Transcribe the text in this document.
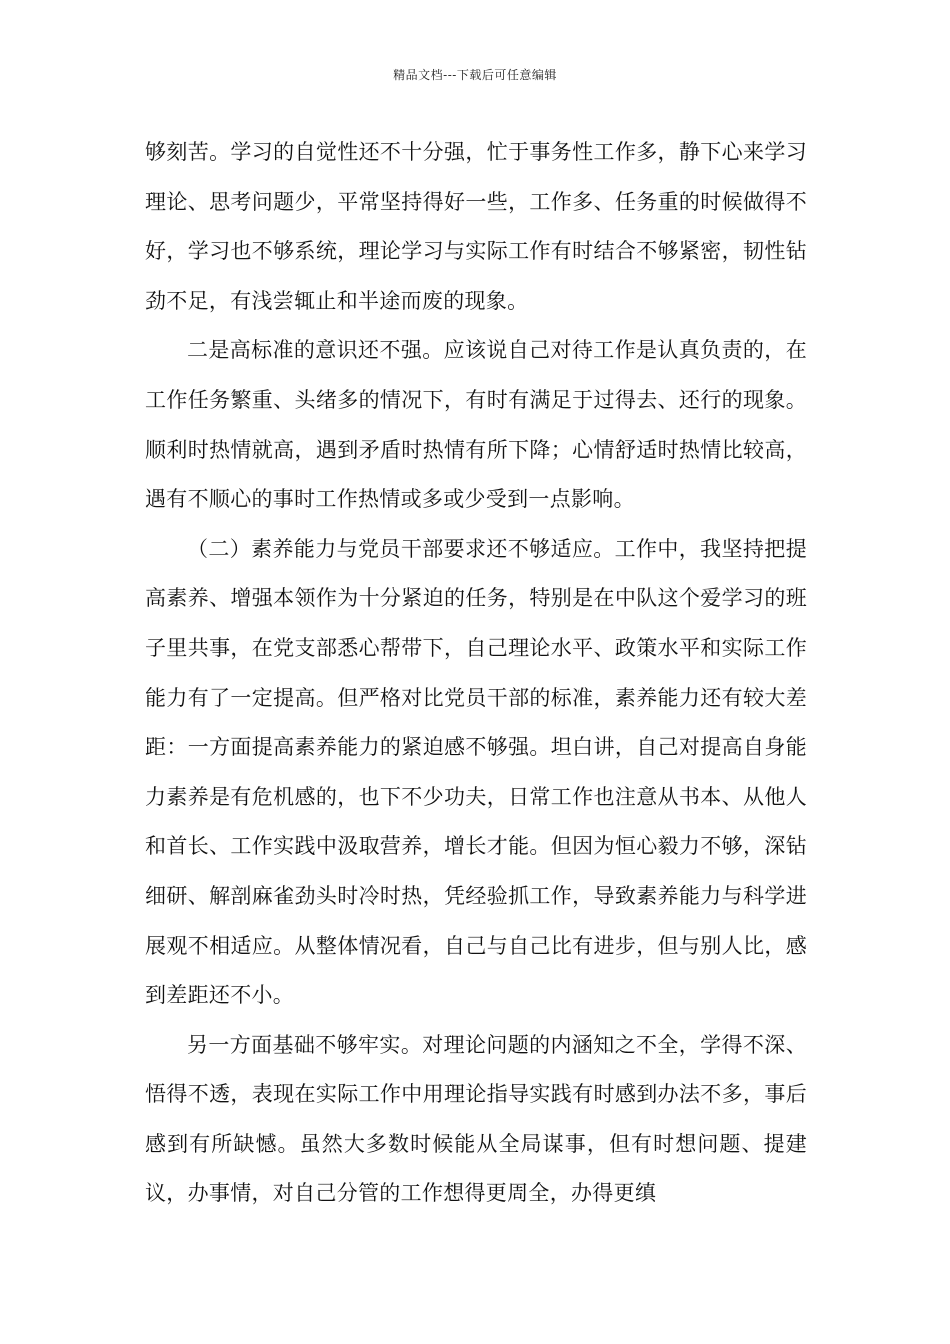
精品文档---下载后可任意编辑

够刻苦。学习的自觉性还不十分强，忙于事务性工作多，静下心来学习理论、思考问题少，平常坚持得好一些，工作多、任务重的时候做得不好，学习也不够系统，理论学习与实际工作有时结合不够紧密，韧性钻劲不足，有浅尝辄止和半途而废的现象。

二是高标准的意识还不强。应该说自己对待工作是认真负责的，在工作任务繁重、头绪多的情况下，有时有满足于过得去、还行的现象。顺利时热情就高，遇到矛盾时热情有所下降；心情舒适时热情比较高，遇有不顺心的事时工作热情或多或少受到一点影响。

（二）素养能力与党员干部要求还不够适应。工作中，我坚持把提高素养、增强本领作为十分紧迫的任务，特别是在中队这个爱学习的班子里共事，在党支部悉心帮带下，自己理论水平、政策水平和实际工作能力有了一定提高。但严格对比党员干部的标准，素养能力还有较大差距：一方面提高素养能力的紧迫感不够强。坦白讲，自己对提高自身能力素养是有危机感的，也下不少功夫，日常工作也注意从书本、从他人和首长、工作实践中汲取营养，增长才能。但因为恒心毅力不够，深钻细研、解剖麻雀劲头时冷时热，凭经验抓工作，导致素养能力与科学进展观不相适应。从整体情况看，自己与自己比有进步，但与别人比，感到差距还不小。

另一方面基础不够牢实。对理论问题的内涵知之不全，学得不深、悟得不透，表现在实际工作中用理论指导实践有时感到办法不多，事后感到有所缺憾。虽然大多数时候能从全局谋事，但有时想问题、提建议，办事情，对自己分管的工作想得更周全，办得更缜
